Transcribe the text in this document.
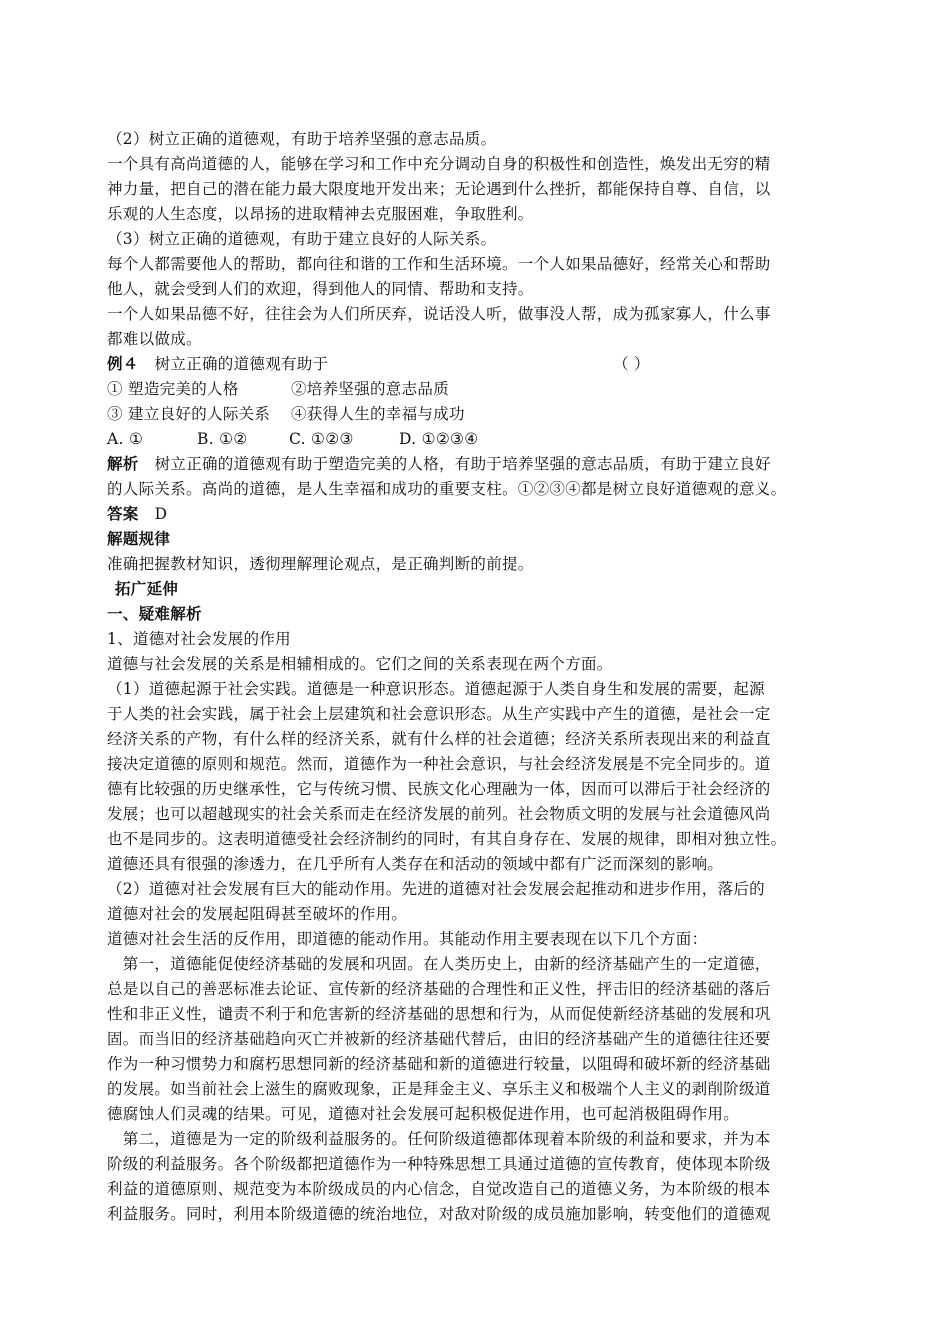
（2）树立正确的道德观，有助于培养坚强的意志品质。
一个具有高尚道德的人，能够在学习和工作中充分调动自身的积极性和创造性，焕发出无穷的精
神力量，把自己的潜在能力最大限度地开发出来；无论遇到什么挫折，都能保持自尊、自信，以
乐观的人生态度，以昂扬的进取精神去克服困难，争取胜利。
（3）树立正确的道德观，有助于建立良好的人际关系。
每个人都需要他人的帮助，都向往和谐的工作和生活环境。一个人如果品德好，经常关心和帮助
他人，就会受到人们的欢迎，得到他人的同情、帮助和支持。
一个人如果品德不好，往往会为人们所厌弃，说话没人听，做事没人帮，成为孤家寡人，什么事
都难以做成。
例４ 树立正确的道德观有助于	（ ）
① 塑造完美的人格	②培养坚强的意志品质
③ 建立良好的人际关系 ④获得人生的幸福与成功
A. ①	B. ①②	C. ①②③	D. ①②③④
解析 树立正确的道德观有助于塑造完美的人格，有助于培养坚强的意志品质，有助于建立良好
的人际关系。高尚的道德，是人生幸福和成功的重要支柱。①②③④都是树立良好道德观的意义。
答案 D
解题规律
准确把握教材知识，透彻理解理论观点，是正确判断的前提。
拓广延伸
一、疑难解析
1、道德对社会发展的作用
道德与社会发展的关系是相辅相成的。它们之间的关系表现在两个方面。
（1）道德起源于社会实践。道德是一种意识形态。道德起源于人类自身生和发展的需要，起源
于人类的社会实践，属于社会上层建筑和社会意识形态。从生产实践中产生的道德，是社会一定
经济关系的产物，有什么样的经济关系，就有什么样的社会道德；经济关系所表现出来的利益直
接决定道德的原则和规范。然而，道德作为一种社会意识，与社会经济发展是不完全同步的。道
德有比较强的历史继承性，它与传统习惯、民族文化心理融为一体，因而可以滞后于社会经济的
发展；也可以超越现实的社会关系而走在经济发展的前列。社会物质文明的发展与社会道德风尚
也不是同步的。这表明道德受社会经济制约的同时，有其自身存在、发展的规律，即相对独立性。
道德还具有很强的渗透力，在几乎所有人类存在和活动的领域中都有广泛而深刻的影响。
（2）道德对社会发展有巨大的能动作用。先进的道德对社会发展会起推动和进步作用，落后的
道德对社会的发展起阻碍甚至破坏的作用。
道德对社会生活的反作用，即道德的能动作用。其能动作用主要表现在以下几个方面：
　第一，道德能促使经济基础的发展和巩固。在人类历史上，由新的经济基础产生的一定道德，
总是以自己的善恶标准去论证、宣传新的经济基础的合理性和正义性，抨击旧的经济基础的落后
性和非正义性，谴责不利于和危害新的经济基础的思想和行为，从而促使新经济基础的发展和巩
固。而当旧的经济基础趋向灭亡并被新的经济基础代替后，由旧的经济基础产生的道德往往还要
作为一种习惯势力和腐朽思想同新的经济基础和新的道德进行较量，以阻碍和破坏新的经济基础
的发展。如当前社会上滋生的腐败现象，正是拜金主义、享乐主义和极端个人主义的剥削阶级道
德腐蚀人们灵魂的结果。可见，道德对社会发展可起积极促进作用，也可起消极阻碍作用。
　第二，道德是为一定的阶级利益服务的。任何阶级道德都体现着本阶级的利益和要求，并为本
阶级的利益服务。各个阶级都把道德作为一种特殊思想工具通过道德的宣传教育，使体现本阶级
利益的道德原则、规范变为本阶级成员的内心信念，自觉改造自己的道德义务，为本阶级的根本
利益服务。同时，利用本阶级道德的统治地位，对敌对阶级的成员施加影响，转变他们的道德观
